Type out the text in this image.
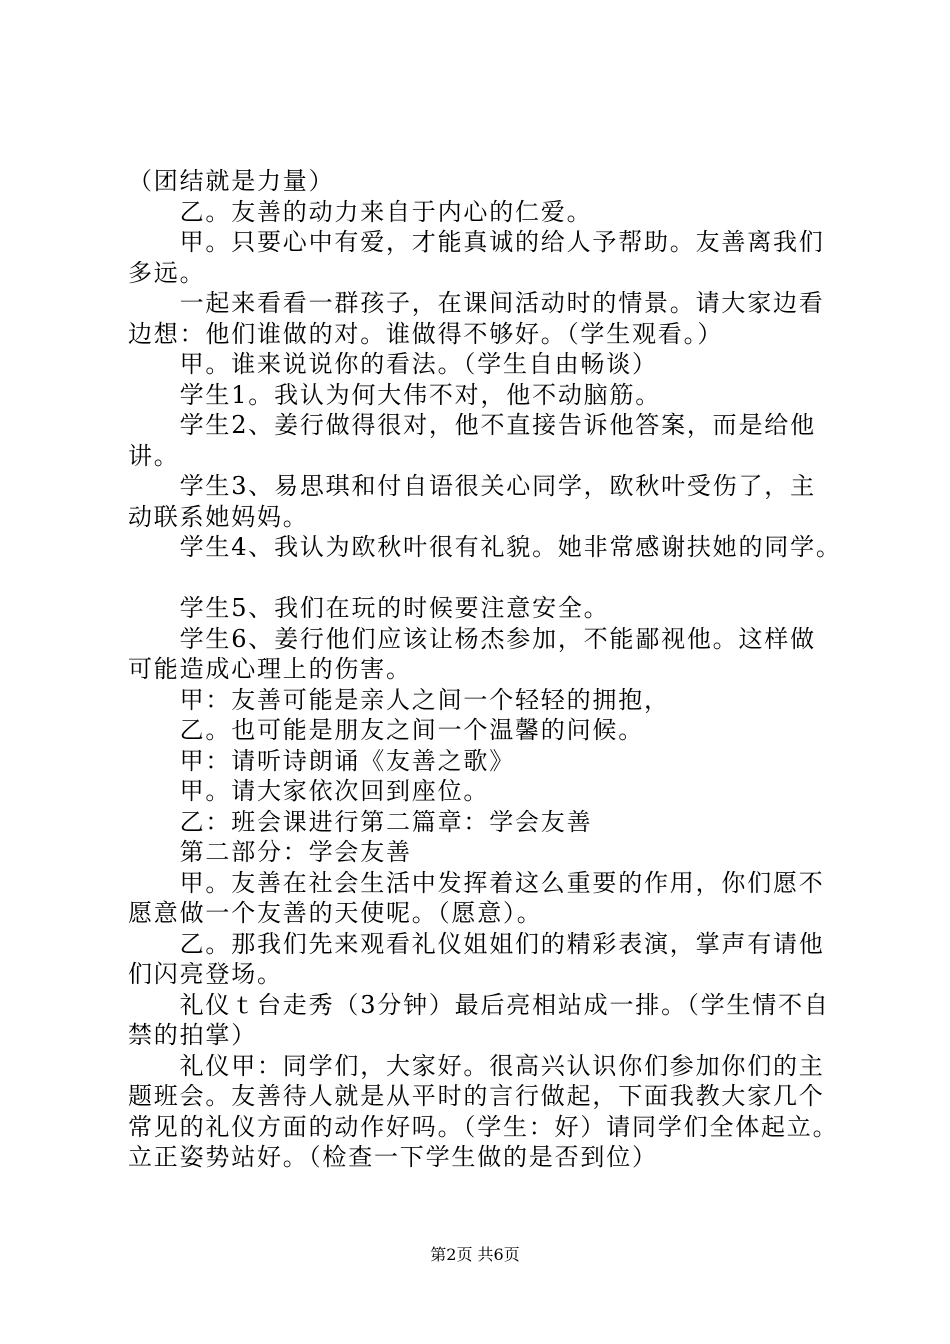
（团结就是力量）
　　乙。友善的动力来自于内心的仁爱。
　　甲。只要心中有爱，才能真诚的给人予帮助。友善离我们
多远。
　　一起来看看一群孩子，在课间活动时的情景。请大家边看
边想：他们谁做的对。谁做得不够好。（学生观看。）
　　甲。谁来说说你的看法。（学生自由畅谈）
　　学生1。我认为何大伟不对，他不动脑筋。
　　学生2、姜行做得很对，他不直接告诉他答案，而是给他
讲。
　　学生3、易思琪和付自语很关心同学，欧秋叶受伤了，主
动联系她妈妈。
　　学生4、我认为欧秋叶很有礼貌。她非常感谢扶她的同学。
　　学生5、我们在玩的时候要注意安全。
　　学生6、姜行他们应该让杨杰参加，不能鄙视他。这样做
可能造成心理上的伤害。
　　甲：友善可能是亲人之间一个轻轻的拥抱，
　　乙。也可能是朋友之间一个温馨的问候。
　　甲：请听诗朗诵《友善之歌》
　　甲。请大家依次回到座位。
　　乙：班会课进行第二篇章：学会友善
　　第二部分：学会友善
　　甲。友善在社会生活中发挥着这么重要的作用，你们愿不
愿意做一个友善的天使呢。（愿意）。
　　乙。那我们先来观看礼仪姐姐们的精彩表演，掌声有请他
们闪亮登场。
　　礼仪ｔ台走秀（3分钟）最后亮相站成一排。（学生情不自
禁的拍掌）
　　礼仪甲：同学们，大家好。很高兴认识你们参加你们的主
题班会。友善待人就是从平时的言行做起，下面我教大家几个
常见的礼仪方面的动作好吗。（学生：好）请同学们全体起立。
立正姿势站好。（检查一下学生做的是否到位）
第2页 共6页
